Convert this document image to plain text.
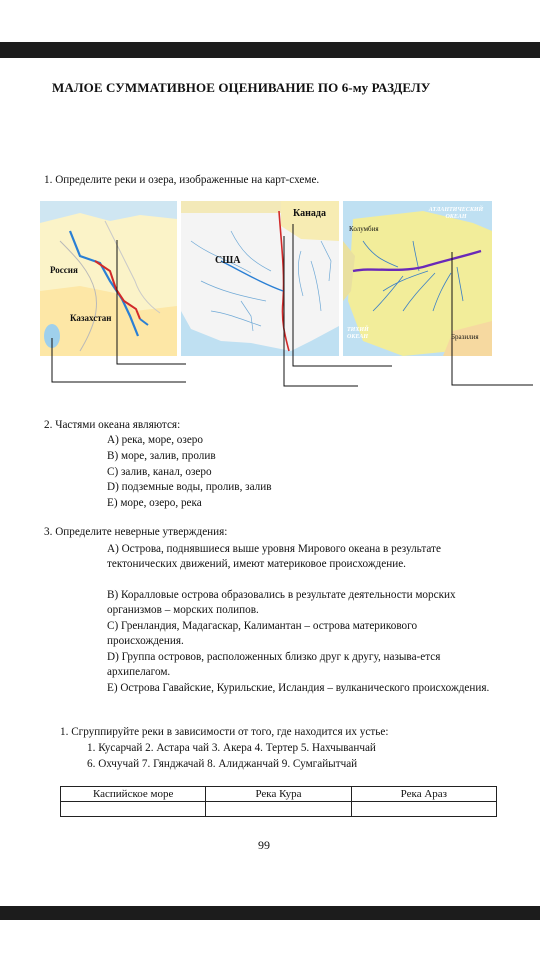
МАЛОЕ СУММАТИВНОЕ ОЦЕНИВАНИЕ ПО 6-му РАЗДЕЛУ
1. Определите реки и озера, изображенные на карт-схеме.
Россия
Казахстан
США
Канада	АТЛАНТИЧЕСКИЙ ОКЕАН
Колумбия
ТИХИЙ ОКЕАН	Бразилия
2. Частями океана являются:
A) река, море, озеро
B) море, залив, пролив
C) залив, канал, озеро
D) подземные воды, пролив, залив
E) море, озеро, река
3. Определите неверные утверждения:
A) Острова, поднявшиеся выше уровня Мирового океана в результате тектонических движений, имеют материковое происхождение.
B) Коралловые острова образовались в результате деятельности морских организмов – морских полипов.
C) Гренландия, Мадагаскар, Калимантан – острова материкового происхождения.
D) Группа островов, расположенных близко друг к другу, называ-ется архипелагом.
E) Острова Гавайские, Курильские, Исландия – вулканического происхождения.
1. Сгруппируйте реки в зависимости от того, где находится их устье:
1. Кусарчай 2. Астара чай 3. Акера 4. Тертер 5. Нахчыванчай
6. Охчучай 7. Гянджачай 8. Алиджанчай 9. Сумгайытчай
Каспийское море	Река Кура	Река Араз

99
